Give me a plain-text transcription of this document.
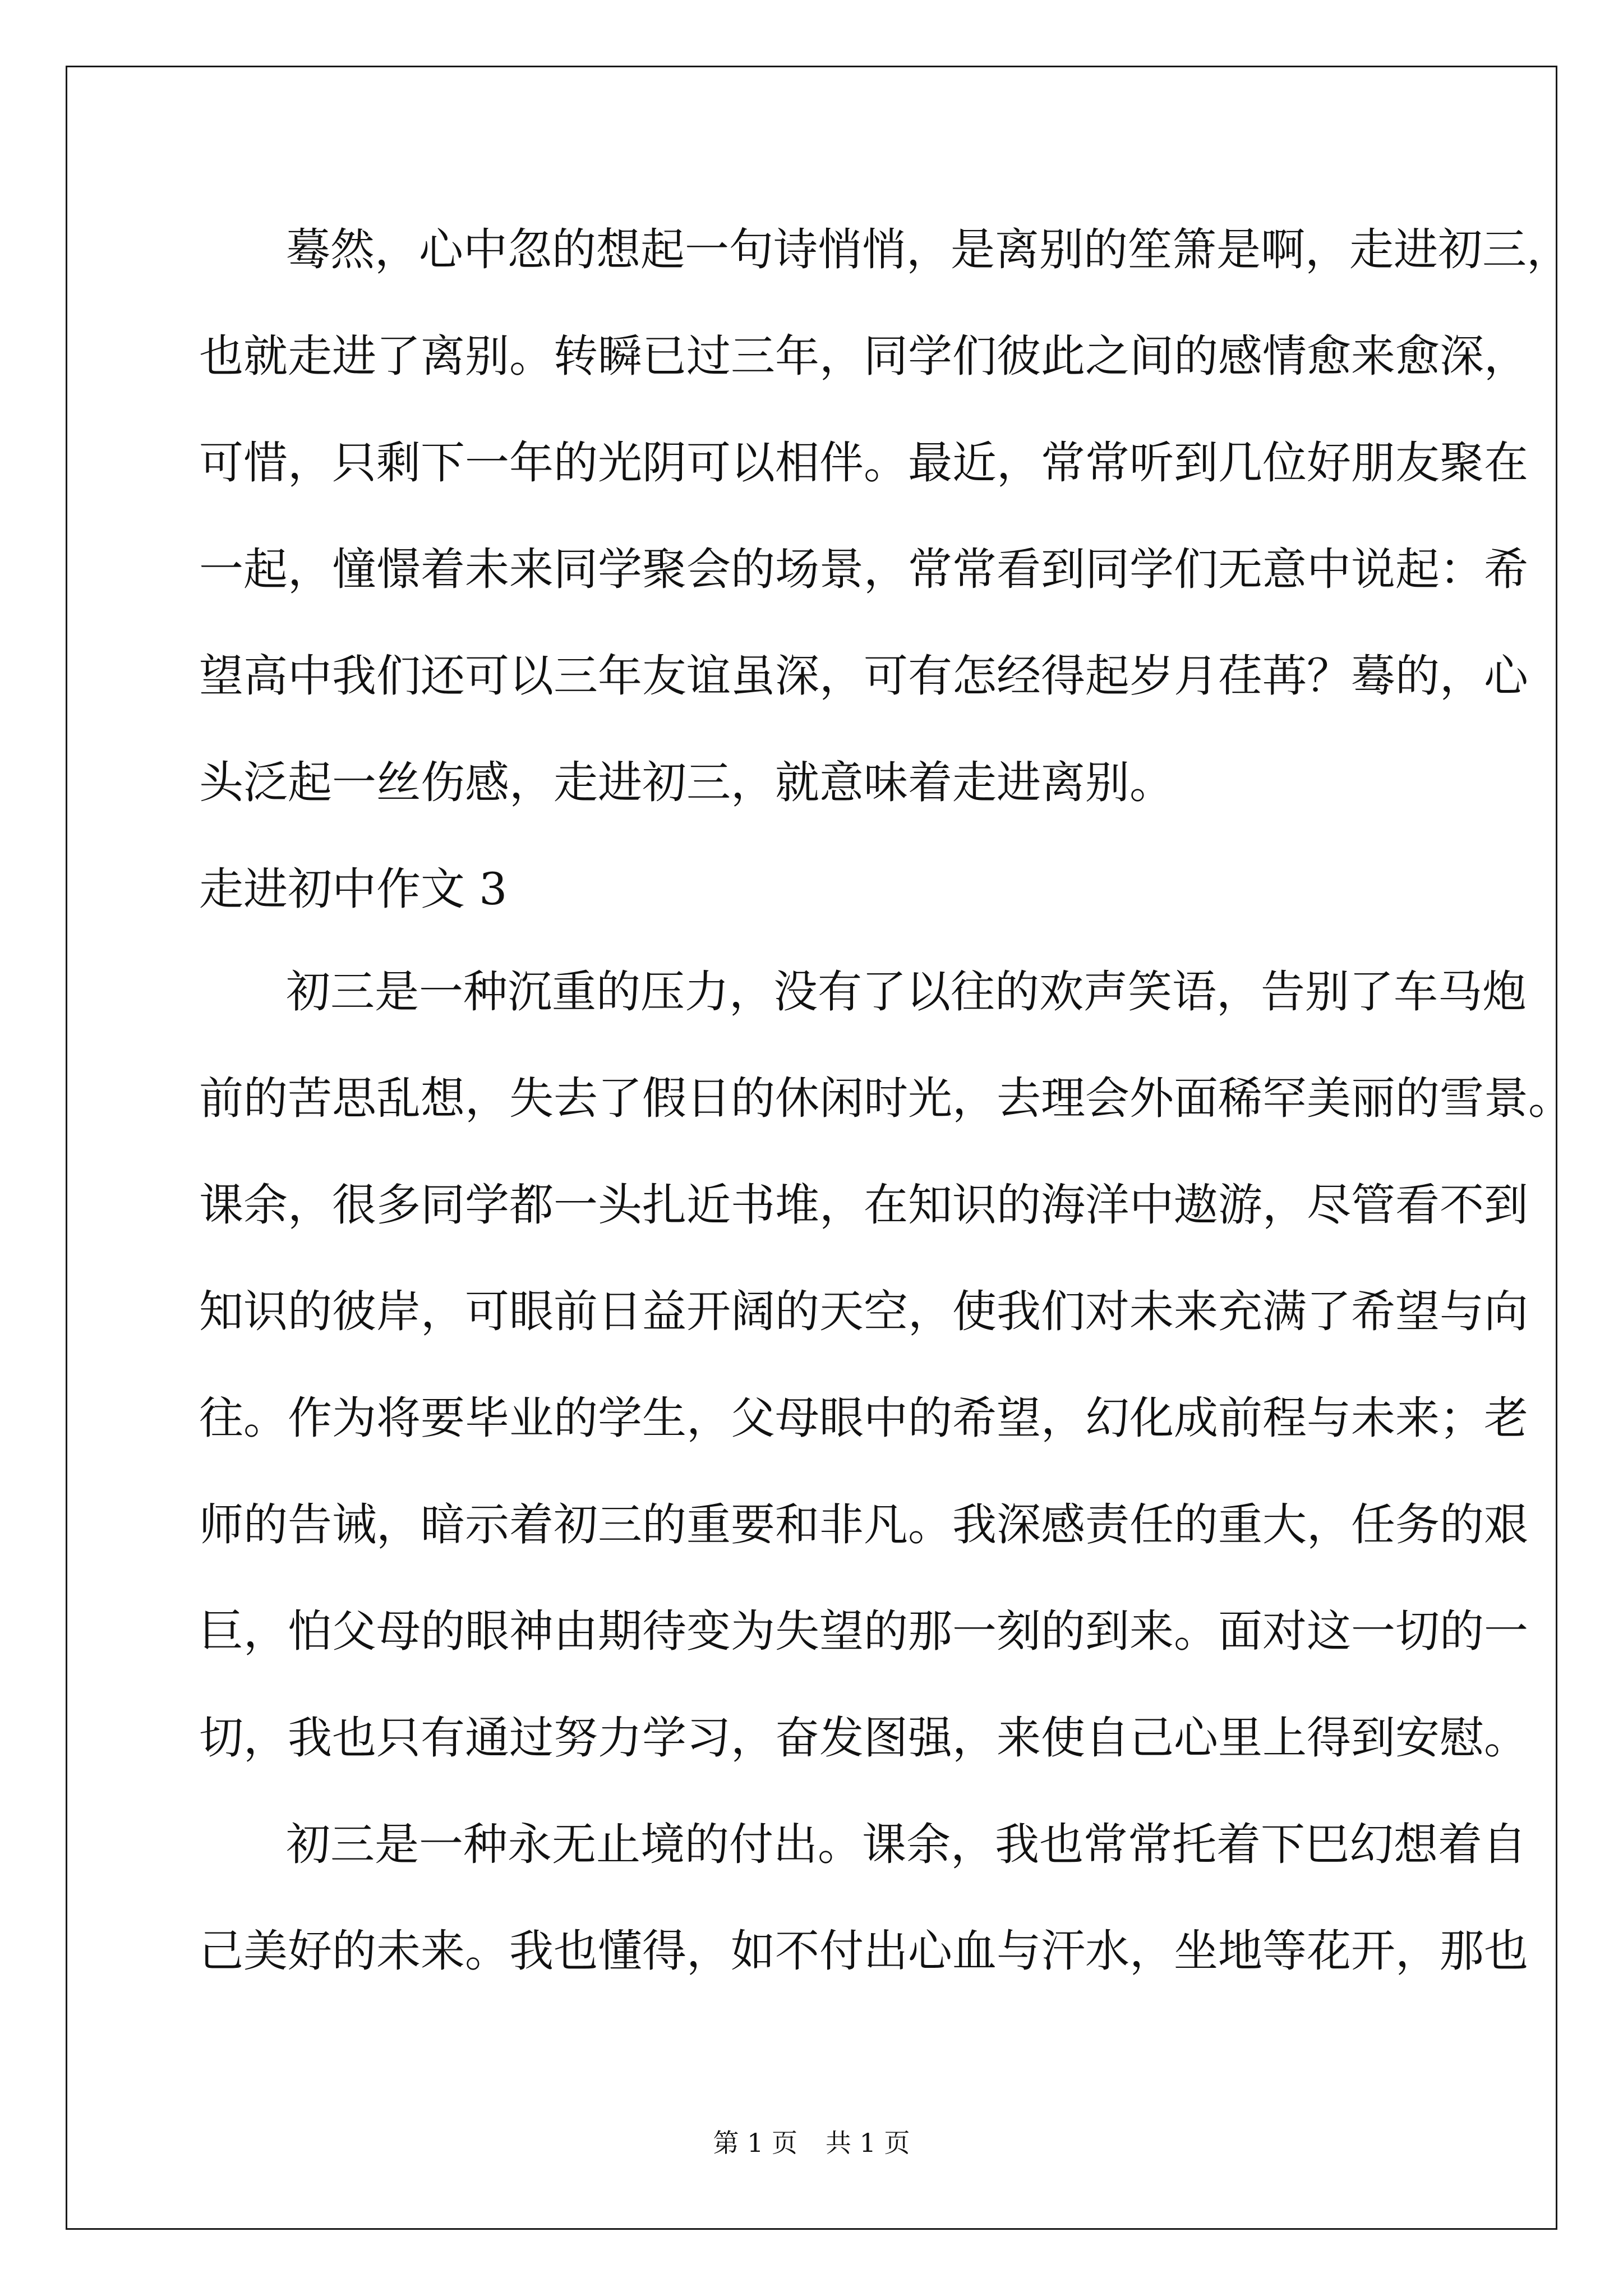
蓦然，心中忽的想起一句诗悄悄，是离别的笙箫是啊，走进初三，
也就走进了离别。转瞬已过三年，同学们彼此之间的感情愈来愈深，
可惜，只剩下一年的光阴可以相伴。最近，常常听到几位好朋友聚在
一起，憧憬着未来同学聚会的场景，常常看到同学们无意中说起：希
望高中我们还可以三年友谊虽深，可有怎经得起岁月荏苒？蓦的，心
头泛起一丝伤感，走进初三，就意味着走进离别。
走进初中作文 3
初三是一种沉重的压力，没有了以往的欢声笑语，告别了车马炮
前的苦思乱想，失去了假日的休闲时光，去理会外面稀罕美丽的雪景。
课余，很多同学都一头扎近书堆，在知识的海洋中遨游，尽管看不到
知识的彼岸，可眼前日益开阔的天空，使我们对未来充满了希望与向
往。作为将要毕业的学生，父母眼中的希望，幻化成前程与未来；老
师的告诫，暗示着初三的重要和非凡。我深感责任的重大，任务的艰
巨，怕父母的眼神由期待变为失望的那一刻的到来。面对这一切的一
切，我也只有通过努力学习，奋发图强，来使自己心里上得到安慰。
初三是一种永无止境的付出。课余，我也常常托着下巴幻想着自
己美好的未来。我也懂得，如不付出心血与汗水，坐地等花开，那也
第 1 页 共 1 页
